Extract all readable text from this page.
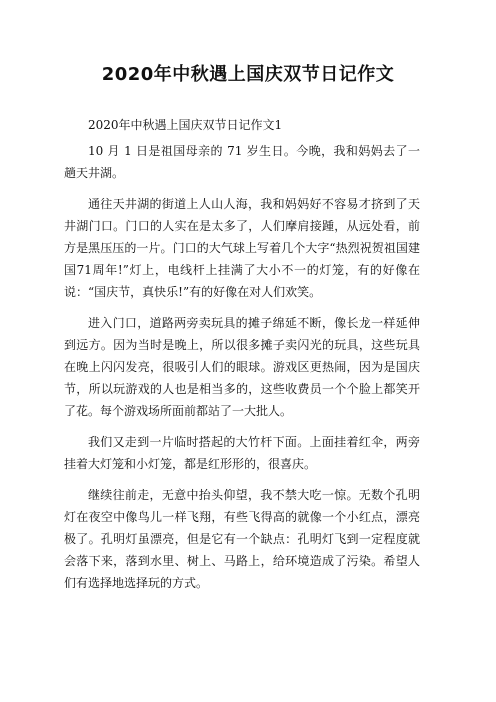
2020年中秋遇上国庆双节日记作文

2020年中秋遇上国庆双节日记作文1

10 月 1 日是祖国母亲的 71 岁生日。今晚，我和妈妈去了一趟天井湖。

通往天井湖的街道上人山人海，我和妈妈好不容易才挤到了天井湖门口。门口的人实在是太多了，人们摩肩接踵，从远处看，前方是黑压压的一片。门口的大气球上写着几个大字“热烈祝贺祖国建国71周年!”灯上，电线杆上挂满了大小不一的灯笼，有的好像在说：“国庆节，真快乐!”有的好像在对人们欢笑。

进入门口，道路两旁卖玩具的摊子绵延不断，像长龙一样延伸到远方。因为当时是晚上，所以很多摊子卖闪光的玩具，这些玩具在晚上闪闪发亮，很吸引人们的眼球。游戏区更热闹，因为是国庆节，所以玩游戏的人也是相当多的，这些收费员一个个脸上都笑开了花。每个游戏场所面前都站了一大批人。

我们又走到一片临时搭起的大竹杆下面。上面挂着红伞，两旁挂着大灯笼和小灯笼，都是红形形的，很喜庆。

继续往前走，无意中抬头仰望，我不禁大吃一惊。无数个孔明灯在夜空中像鸟儿一样飞翔，有些飞得高的就像一个小红点，漂亮极了。孔明灯虽漂亮，但是它有一个缺点：孔明灯飞到一定程度就会落下来，落到水里、树上、马路上，给环境造成了污染。希望人们有选择地选择玩的方式。
